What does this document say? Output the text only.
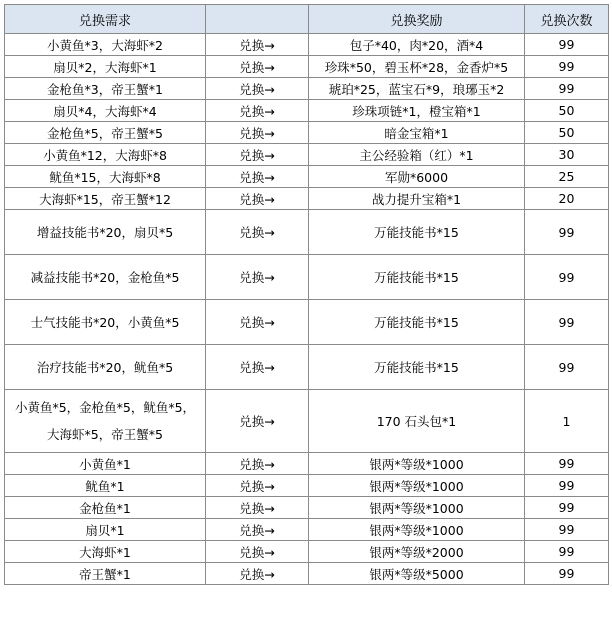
兑换需求		兑换奖励	兑换次数
小黄鱼*3，大海虾*2	兑换→	包子*40，肉*20，酒*4	99
扇贝*2，大海虾*1	兑换→	珍珠*50，碧玉杯*28，金香炉*5	99
金枪鱼*3，帝王蟹*1	兑换→	琥珀*25，蓝宝石*9，琅琊玉*2	99
扇贝*4，大海虾*4	兑换→	珍珠项链*1，橙宝箱*1	50
金枪鱼*5，帝王蟹*5	兑换→	暗金宝箱*1	50
小黄鱼*12，大海虾*8	兑换→	主公经验箱（红）*1	30
鱿鱼*15，大海虾*8	兑换→	军勋*6000	25
大海虾*15，帝王蟹*12	兑换→	战力提升宝箱*1	20
增益技能书*20，扇贝*5	兑换→	万能技能书*15	99
减益技能书*20，金枪鱼*5	兑换→	万能技能书*15	99
士气技能书*20，小黄鱼*5	兑换→	万能技能书*15	99
治疗技能书*20，鱿鱼*5	兑换→	万能技能书*15	99

小黄鱼*5，金枪鱼*5，鱿鱼*5，
大海虾*5，帝王蟹*5	兑换→	170 石头包*1	1
小黄鱼*1	兑换→	银两*等级*1000	99
鱿鱼*1	兑换→	银两*等级*1000	99
金枪鱼*1	兑换→	银两*等级*1000	99
扇贝*1	兑换→	银两*等级*1000	99
大海虾*1	兑换→	银两*等级*2000	99
帝王蟹*1	兑换→	银两*等级*5000	99
